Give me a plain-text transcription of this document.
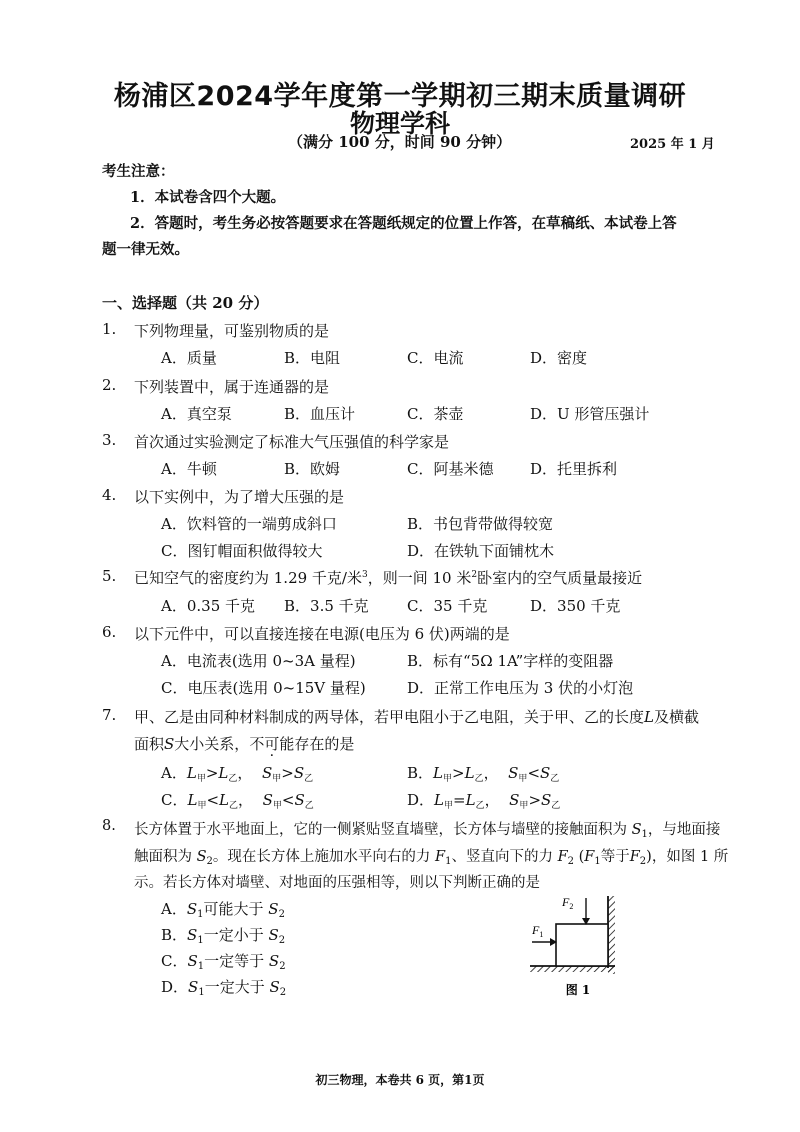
杨浦区2024学年度第一学期初三期末质量调研
物理学科
（满分 100 分，时间 90 分钟）	2025 年 1 月
考生注意：
1．本试卷含四个大题。
2．答题时，考生务必按答题要求在答题纸规定的位置上作答，在草稿纸、本试卷上答
题一律无效。
一、选择题（共 20 分）
1. 下列物理量，可鉴别物质的是
A．质量	B．电阻	C．电流	D．密度
2. 下列装置中，属于连通器的是
A．真空泵	B．血压计	C．茶壶	D．U 形管压强计
3. 首次通过实验测定了标准大气压强值的科学家是
A．牛顿	B．欧姆	C．阿基米德 D．托里拆利
4. 以下实例中，为了增大压强的是
A．饮料管的一端剪成斜口	B．书包背带做得较宽
C．图钉帽面积做得较大	D．在铁轨下面铺枕木
5. 已知空气的密度约为 1.29 千克/米$^3$，则一间 10 米$^2$卧室内的空气质量最接近
A．0.35 千克 B．3.5 千克	C．35 千克	D．350 千克
6. 以下元件中，可以直接连接在电源(电压为 6 伏)两端的是
A．电流表(选用 0~3A 量程)	B．标有“5Ω 1A”字样的变阻器
C．电压表(选用 0~15V 量程)	D．正常工作电压为 3 伏的小灯泡
7. 甲、乙是由同种材料制成的两导体，若甲电阻小于乙电阻，关于甲、乙的长度L及横截
面积S大小关系，不可能存在的是
A．$L_甲>L_乙$， $S_甲>S_乙$	B．$L_甲>L_乙$， $S_甲<S_乙$
C．$L_甲<L_乙$， $S_甲<S_乙$	D．$L_甲=L_乙$， $S_甲>S_乙$
8. 长方体置于水平地面上，它的一侧紧贴竖直墙壁，长方体与墙壁的接触面积为 $S_1$，与地面接
触面积为 $S_2$。现在长方体上施加水平向右的力 $F_1$、竖直向下的力 $F_2$ ($F_1$等于$F_2$)，如图 1 所
示。若长方体对墙壁、对地面的压强相等，则以下判断正确的是
A．$S_1$可能大于 $S_2$
B．$S_1$一定小于 $S_2$
C．$S_1$一定等于 $S_2$
D．$S_1$一定大于 $S_2$
$F_2$
$F_1$
图 1
初三物理，本卷共 6 页，第1页
